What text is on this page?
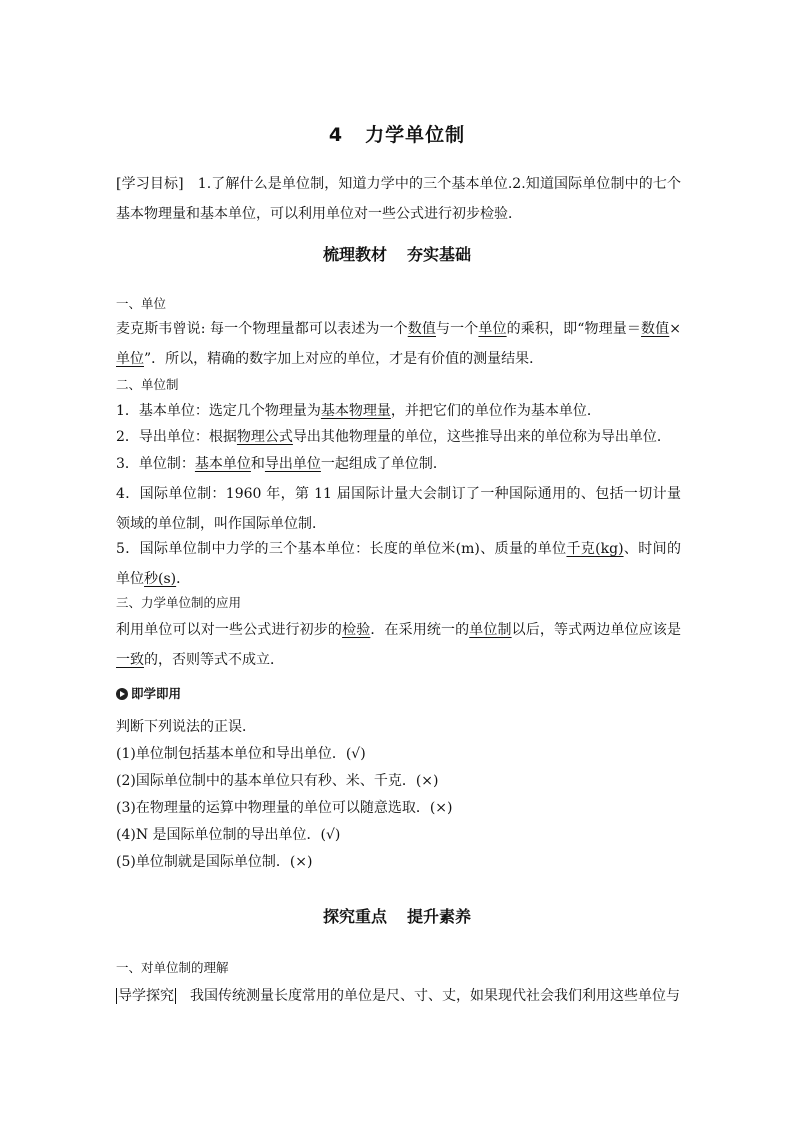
4 力学单位制
[学习目标]　 1.了解什么是单位制，知道力学中的三个基本单位.2.知道国际单位制中的七个基本物理量和基本单位，可以利用单位对一些公式进行初步检验．
梳理教材 夯实基础
一、单位
麦克斯韦曾说: 每一个物理量都可以表述为一个数值与一个单位的乘积，即“物理量＝数值×单位”．所以，精确的数字加上对应的单位，才是有价值的测量结果．
二、单位制
1．基本单位：选定几个物理量为基本物理量，并把它们的单位作为基本单位．
2．导出单位：根据物理公式导出其他物理量的单位，这些推导出来的单位称为导出单位．
3．单位制：基本单位和导出单位一起组成了单位制．
4．国际单位制：1960 年，第 11 届国际计量大会制订了一种国际通用的、包括一切计量领域的单位制，叫作国际单位制．
5．国际单位制中力学的三个基本单位：长度的单位米(m)、质量的单位千克(kg)、时间的单位秒(s)．
三、力学单位制的应用
利用单位可以对一些公式进行初步的检验．在采用统一的单位制以后，等式两边单位应该是一致的，否则等式不成立．
即学即用
判断下列说法的正误．
(1)单位制包括基本单位和导出单位．(√)
(2)国际单位制中的基本单位只有秒、米、千克．(×)
(3)在物理量的运算中物理量的单位可以随意选取．(×)
(4)N 是国际单位制的导出单位．(√)
(5)单位制就是国际单位制．(×)
探究重点 提升素养
一、对单位制的理解
导学探究　 我国传统测量长度常用的单位是尺、寸、丈，如果现代社会我们利用这些单位与
